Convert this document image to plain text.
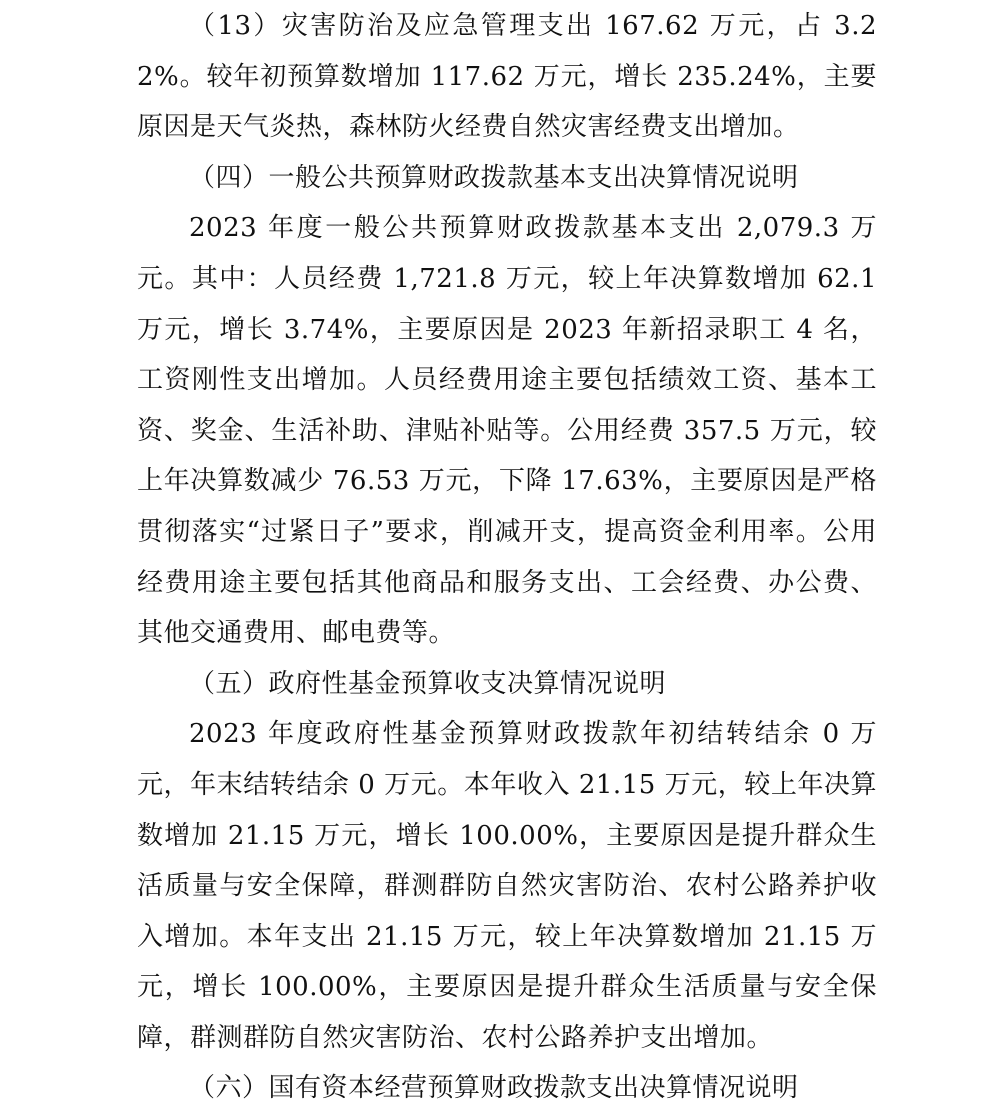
（13）灾害防治及应急管理支出 167.62 万元，占 3.22%。较年初预算数增加 117.62 万元，增长 235.24%，主要原因是天气炎热，森林防火经费自然灾害经费支出增加。

（四）一般公共预算财政拨款基本支出决算情况说明

2023 年度一般公共预算财政拨款基本支出 2,079.3 万元。其中：人员经费 1,721.8 万元，较上年决算数增加 62.1 万元，增长 3.74%，主要原因是 2023 年新招录职工 4 名，工资刚性支出增加。人员经费用途主要包括绩效工资、基本工资、奖金、生活补助、津贴补贴等。公用经费 357.5 万元，较上年决算数减少 76.53 万元，下降 17.63%，主要原因是严格贯彻落实“过紧日子”要求，削减开支，提高资金利用率。公用经费用途主要包括其他商品和服务支出、工会经费、办公费、其他交通费用、邮电费等。

（五）政府性基金预算收支决算情况说明

2023 年度政府性基金预算财政拨款年初结转结余 0 万元，年末结转结余 0 万元。本年收入 21.15 万元，较上年决算数增加 21.15 万元，增长 100.00%，主要原因是提升群众生活质量与安全保障，群测群防自然灾害防治、农村公路养护收入增加。本年支出 21.15 万元，较上年决算数增加 21.15 万元，增长 100.00%，主要原因是提升群众生活质量与安全保障，群测群防自然灾害防治、农村公路养护支出增加。

（六）国有资本经营预算财政拨款支出决算情况说明
